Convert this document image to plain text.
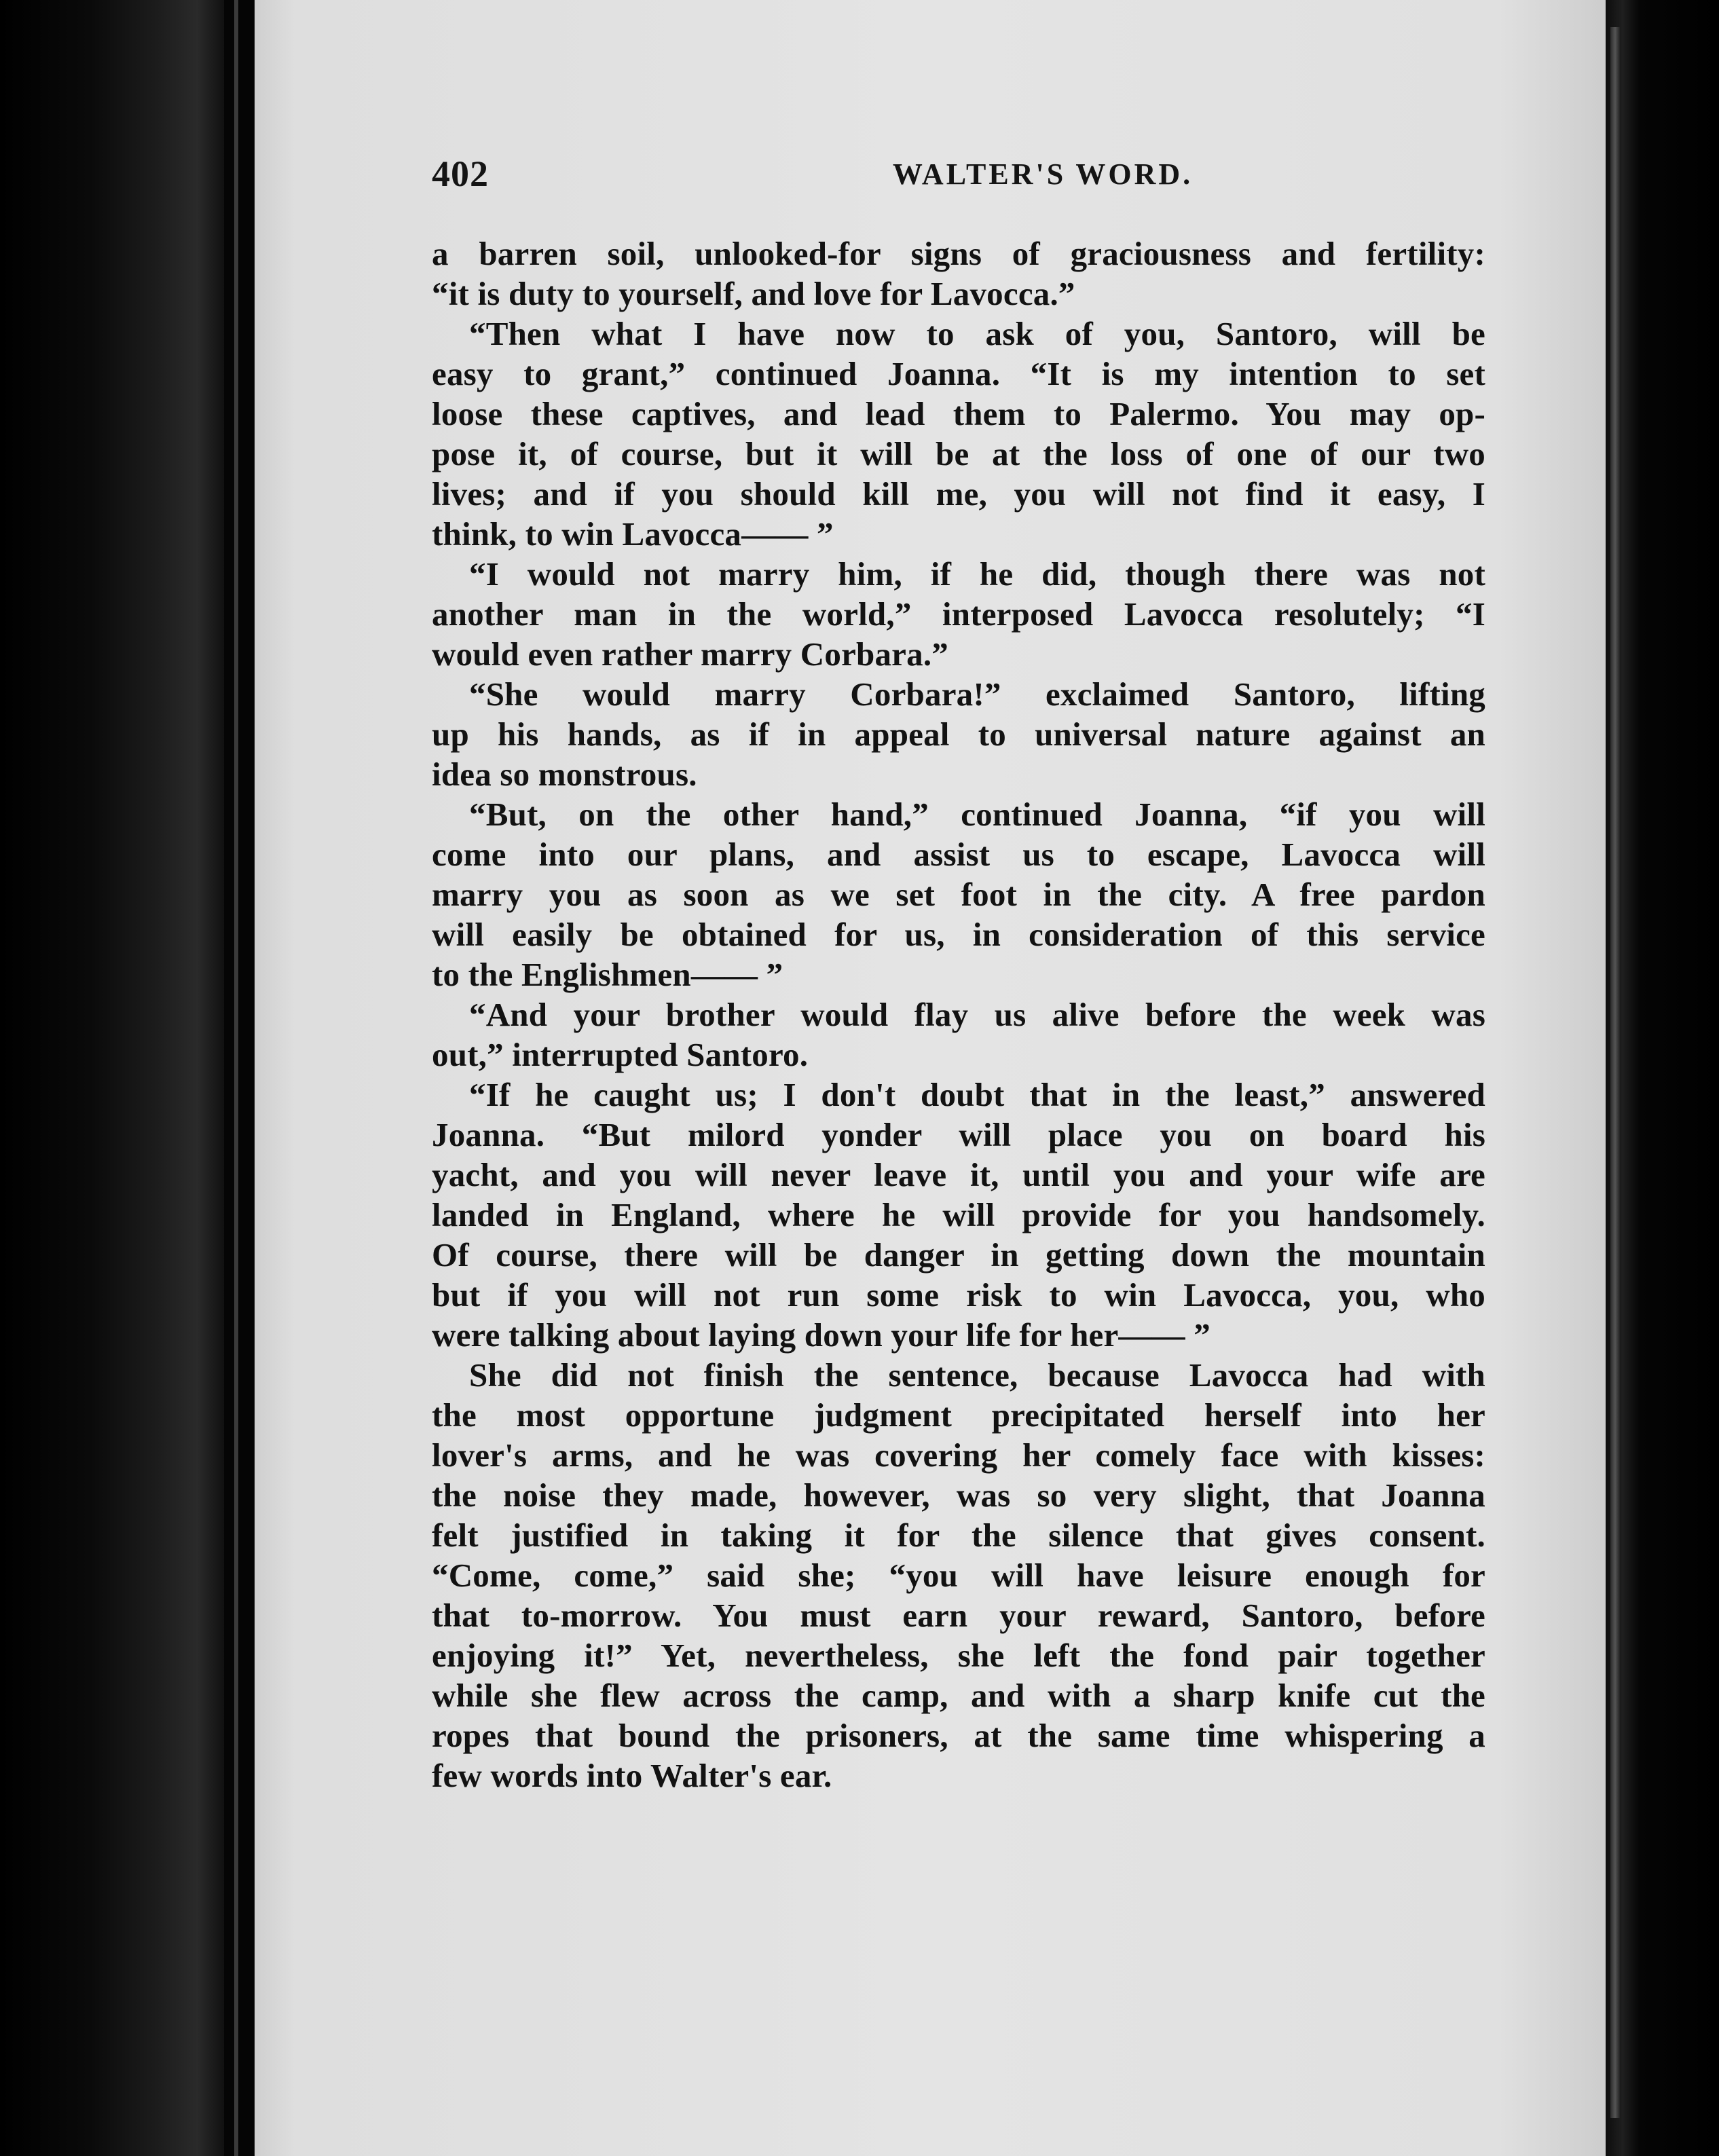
402	WALTER'S WORD.
a barren soil, unlooked-for signs of graciousness and fertility:
“it is duty to yourself, and love for Lavocca.”
“Then what I have now to ask of you, Santoro, will be
easy to grant,” continued Joanna. “It is my intention to set
loose these captives, and lead them to Palermo. You may op-
pose it, of course, but it will be at the loss of one of our two
lives; and if you should kill me, you will not find it easy, I
think, to win Lavocca—— ”
“I would not marry him, if he did, though there was not
another man in the world,” interposed Lavocca resolutely; “I
would even rather marry Corbara.”
“She would marry Corbara!” exclaimed Santoro, lifting
up his hands, as if in appeal to universal nature against an
idea so monstrous.
“But, on the other hand,” continued Joanna, “if you will
come into our plans, and assist us to escape, Lavocca will
marry you as soon as we set foot in the city. A free pardon
will easily be obtained for us, in consideration of this service
to the Englishmen—— ”
“And your brother would flay us alive before the week was
out,” interrupted Santoro.
“If he caught us; I don't doubt that in the least,” answered
Joanna. “But milord yonder will place you on board his
yacht, and you will never leave it, until you and your wife are
landed in England, where he will provide for you handsomely.
Of course, there will be danger in getting down the mountain
but if you will not run some risk to win Lavocca, you, who
were talking about laying down your life for her—— ”
She did not finish the sentence, because Lavocca had with
the most opportune judgment precipitated herself into her
lover's arms, and he was covering her comely face with kisses:
the noise they made, however, was so very slight, that Joanna
felt justified in taking it for the silence that gives consent.
“Come, come,” said she; “you will have leisure enough for
that to-morrow. You must earn your reward, Santoro, before
enjoying it!” Yet, nevertheless, she left the fond pair together
while she flew across the camp, and with a sharp knife cut the
ropes that bound the prisoners, at the same time whispering a
few words into Walter's ear.
